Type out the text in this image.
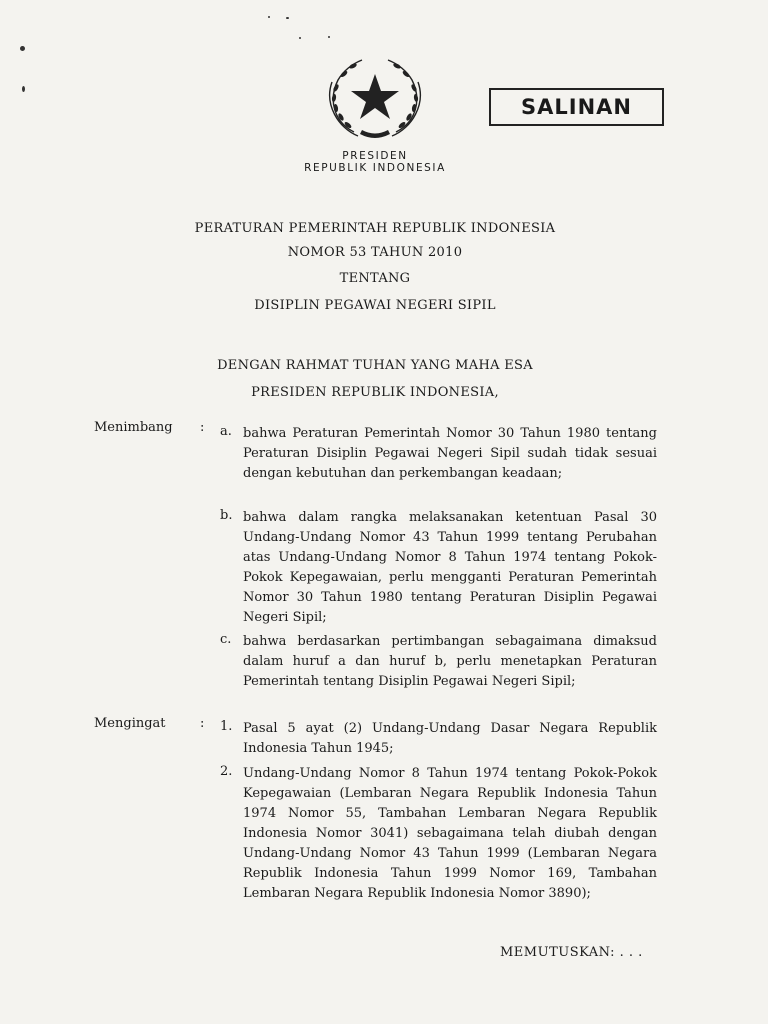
SALINAN
PRESIDEN
REPUBLIK INDONESIA
PERATURAN PEMERINTAH REPUBLIK INDONESIA
NOMOR 53 TAHUN 2010
TENTANG
DISIPLIN PEGAWAI NEGERI SIPIL
DENGAN RAHMAT TUHAN YANG MAHA ESA
PRESIDEN REPUBLIK INDONESIA,
Menimbang : a. bahwa Peraturan Pemerintah Nomor 30 Tahun 1980 tentang Peraturan Disiplin Pegawai Negeri Sipil sudah tidak sesuai dengan kebutuhan dan perkembangan keadaan;
b. bahwa dalam rangka melaksanakan ketentuan Pasal 30 Undang-Undang Nomor 43 Tahun 1999 tentang Perubahan atas Undang-Undang Nomor 8 Tahun 1974 tentang Pokok-Pokok Kepegawaian, perlu mengganti Peraturan Pemerintah Nomor 30 Tahun 1980 tentang Peraturan Disiplin Pegawai Negeri Sipil;
c. bahwa berdasarkan pertimbangan sebagaimana dimaksud dalam huruf a dan huruf b, perlu menetapkan Peraturan Pemerintah tentang Disiplin Pegawai Negeri Sipil;
Mengingat	: 1. Pasal 5 ayat (2) Undang-Undang Dasar Negara Republik Indonesia Tahun 1945;
2. Undang-Undang Nomor 8 Tahun 1974 tentang Pokok-Pokok Kepegawaian (Lembaran Negara Republik Indonesia Tahun 1974 Nomor 55, Tambahan Lembaran Negara Republik Indonesia Nomor 3041) sebagaimana telah diubah dengan Undang-Undang Nomor 43 Tahun 1999 (Lembaran Negara Republik Indonesia Tahun 1999 Nomor 169, Tambahan Lembaran Negara Republik Indonesia Nomor 3890);
MEMUTUSKAN: . . .
